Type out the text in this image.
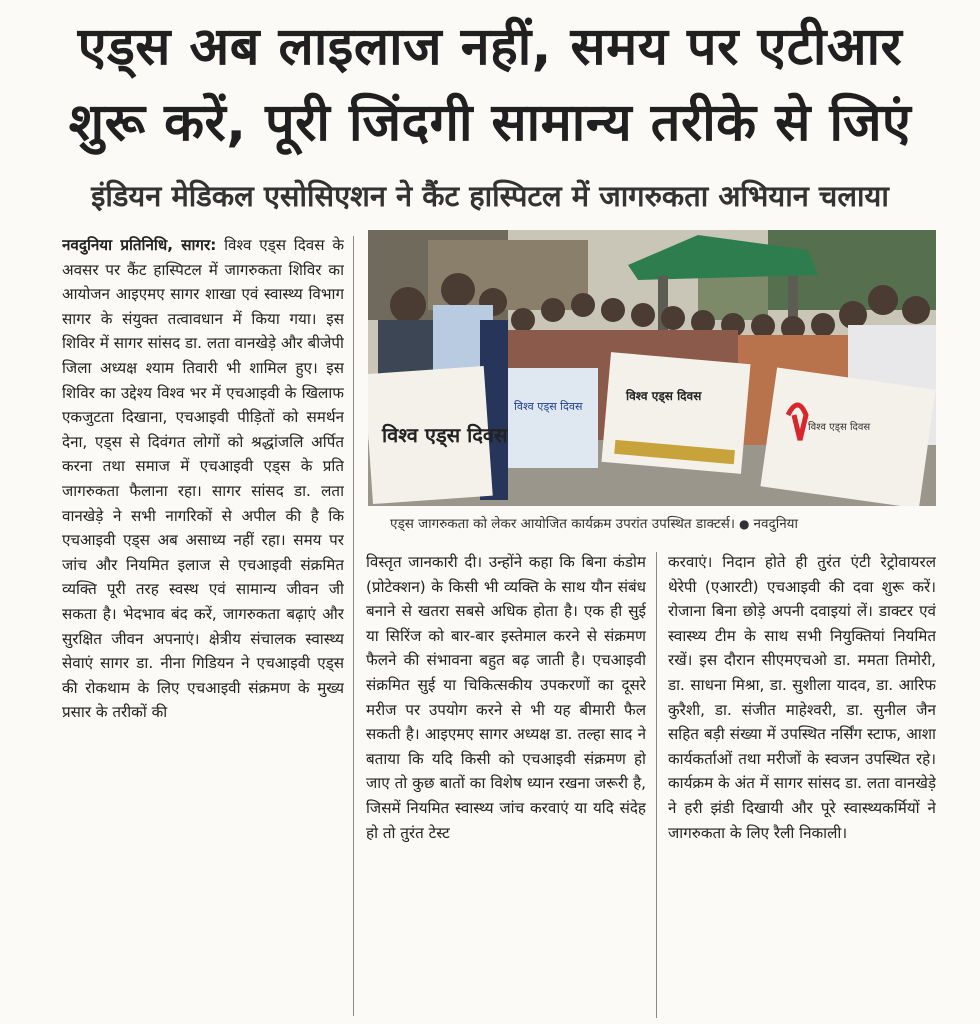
एड्स अब लाइलाज नहीं, समय पर एटीआर
शुरू करें, पूरी जिंदगी सामान्य तरीके से जिएं
इंडियन मेडिकल एसोसिएशन ने कैंट हास्पिटल में जागरुकता अभियान चलाया

नवदुनिया प्रतिनिधि, सागर: विश्व एड्स दिवस के अवसर पर कैंट हास्पिटल में जागरुकता शिविर का आयोजन आइएमए सागर शाखा एवं स्वास्थ्य विभाग सागर के संयुक्त तत्वावधान में किया गया। इस शिविर में सागर सांसद डा. लता वानखेड़े और बीजेपी जिला अध्यक्ष श्याम तिवारी भी शामिल हुए। इस शिविर का उद्देश्य विश्व भर में एचआइवी के खिलाफ एकजुटता दिखाना, एचआइवी पीड़ितों को समर्थन देना, एड्स से दिवंगत लोगों को श्रद्धांजलि अर्पित करना तथा समाज में एचआइवी एड्स के प्रति जागरुकता फैलाना रहा। सागर सांसद डा. लता वानखेड़े ने सभी नागरिकों से अपील की है कि एचआइवी एड्स अब असाध्य नहीं रहा। समय पर जांच और नियमित इलाज से एचआइवी संक्रमित व्यक्ति पूरी तरह स्वस्थ एवं सामान्य जीवन जी सकता है। भेदभाव बंद करें, जागरुकता बढ़ाएं और सुरक्षित जीवन अपनाएं। क्षेत्रीय संचालक स्वास्थ्य सेवाएं सागर डा. नीना गिडियन ने एचआइवी एड्स की रोकथाम के लिए एचआइवी संक्रमण के मुख्य प्रसार के तरीकों की

विश्व एड्स दिवस
विश्व एड्स दिवस
विश्व एड्स दिवस
विश्व एड्स दिवस
एड्स जागरुकता को लेकर आयोजित कार्यक्रम उपरांत उपस्थित डाक्टर्स। ● नवदुनिया

विस्तृत जानकारी दी। उन्होंने कहा कि बिना कंडोम (प्रोटेक्शन) के किसी भी व्यक्ति के साथ यौन संबंध बनाने से खतरा सबसे अधिक होता है। एक ही सुई या सिरिंज को बार-बार इस्तेमाल करने से संक्रमण फैलने की संभावना बहुत बढ़ जाती है। एचआइवी संक्रमित सुई या चिकित्सकीय उपकरणों का दूसरे मरीज पर उपयोग करने से भी यह बीमारी फैल सकती है। आइएमए सागर अध्यक्ष डा. तल्हा साद ने बताया कि यदि किसी को एचआइवी संक्रमण हो जाए तो कुछ बातों का विशेष ध्यान रखना जरूरी है, जिसमें नियमित स्वास्थ्य जांच करवाएं या यदि संदेह हो तो तुरंत टेस्ट

करवाएं। निदान होते ही तुरंत एंटी रेट्रोवायरल थेरेपी (एआरटी) एचआइवी की दवा शुरू करें। रोजाना बिना छोड़े अपनी दवाइयां लें। डाक्टर एवं स्वास्थ्य टीम के साथ सभी नियुक्तियां नियमित रखें। इस दौरान सीएमएचओ डा. ममता तिमोरी, डा. साधना मिश्रा, डा. सुशीला यादव, डा. आरिफ कुरैशी, डा. संजीत माहेश्वरी, डा. सुनील जैन सहित बड़ी संख्या में उपस्थित नर्सिंग स्टाफ, आशा कार्यकर्ताओं तथा मरीजों के स्वजन उपस्थित रहे। कार्यक्रम के अंत में सागर सांसद डा. लता वानखेड़े ने हरी झंडी दिखायी और पूरे स्वास्थ्यकर्मियों ने जागरुकता के लिए रैली निकाली।
